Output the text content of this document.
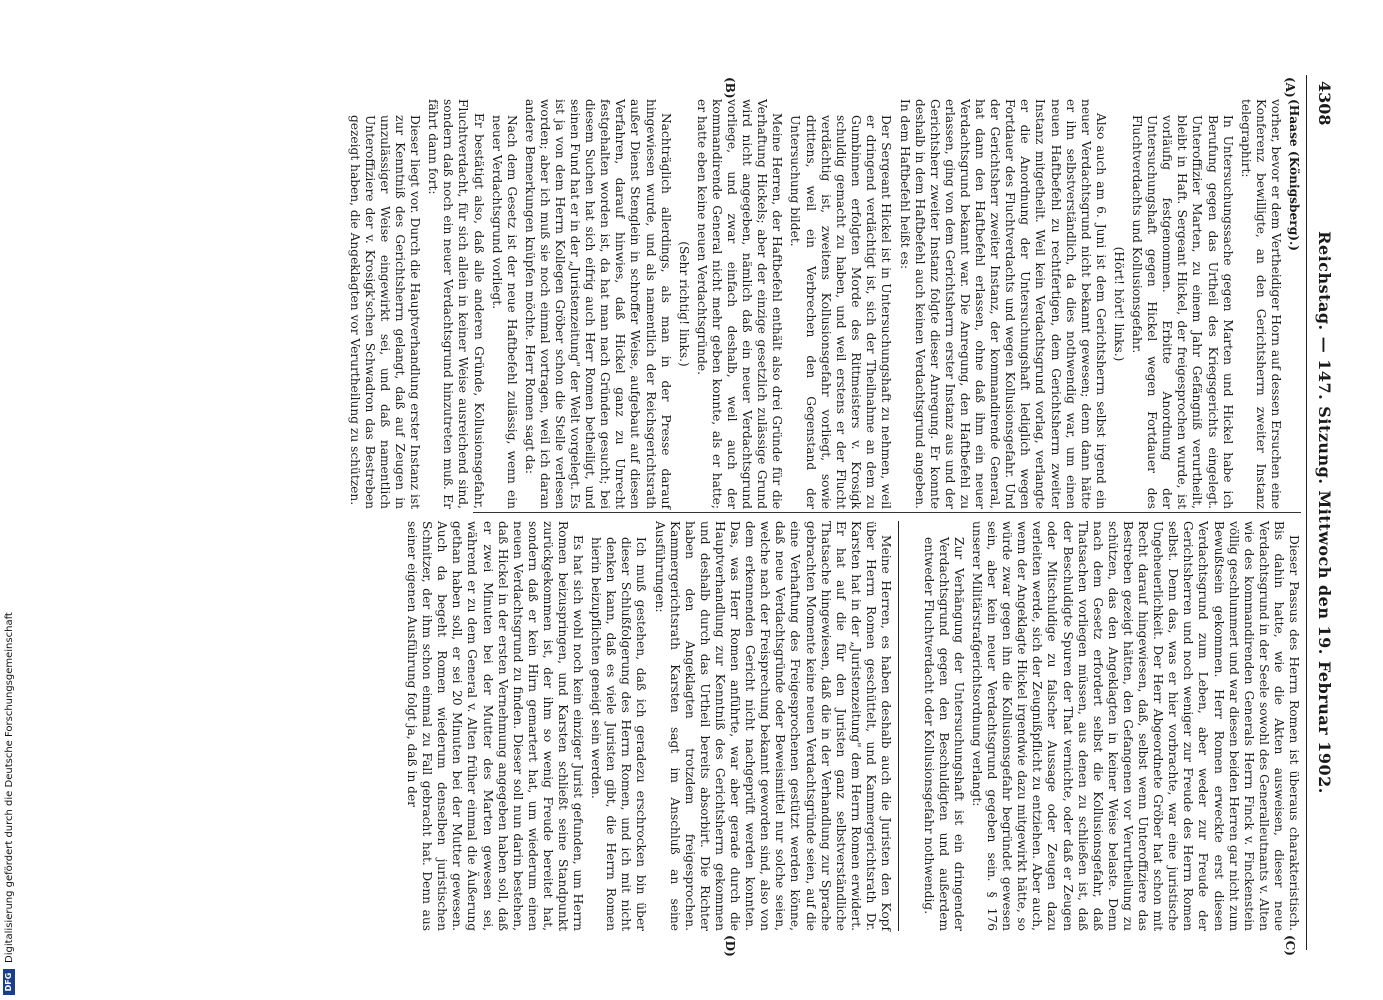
4308
Reichstag. — 147. Sitzung. Mittwoch den 19. Februar 1902.
(A)
(B)
(C)
(D)

(Haase (Königsberg).)

vorher, bevor er dem Vertheidiger Horn auf dessen Ersuchen eine Konferenz bewilligte, an den Gerichtsherrn zweiter Instanz telegraphirt:

In Untersuchungssache gegen Marten und Hickel habe ich Berufung gegen das Urtheil des Kriegsgerichts eingelegt. Unteroffizier Marten, zu einem Jahr Gefängniß verurtheilt, bleibt in Haft. Sergeant Hickel, der freigesprochen wurde, ist vorläufig festgenommen. Erbitte Anordnung der Untersuchungshaft gegen Hickel wegen Fortdauer des Fluchtverdachts und Kollusionsgefahr.

(Hört! hört! links.)

Also auch am 6. Juni ist dem Gerichtsherrn selbst irgend ein neuer Verdachtsgrund nicht bekannt gewesen; denn dann hätte er ihn selbstverständlich, da dies nothwendig war, um einen neuen Haftbefehl zu rechtfertigen, dem Gerichtsherrn zweiter Instanz mitgetheilt. Weil kein Verdachtsgrund vorlag, verlangte er die Anordnung der Untersuchungshaft lediglich wegen Fortdauer des Fluchtverdachts und wegen Kollusionsgefahr. Und der Gerichtsherr zweiter Instanz, der kommandirende General, hat dann den Haftbefehl erlassen, ohne daß ihm ein neuer Verdachtsgrund bekannt war. Die Anregung, den Haftbefehl zu erlassen, ging von dem Gerichtsherrn erster Instanz aus und der Gerichtsherr zweiter Instanz folgte dieser Anregung. Er konnte deshalb in dem Haftbefehl auch keinen Verdachtsgrund angeben. In dem Haftbefehl heißt es:

Der Sergeant Hickel ist in Untersuchungshaft zu nehmen, weil er dringend verdächtigt ist, sich der Theilnahme an dem zu Gumbinnen erfolgten Morde des Rittmeisters v. Krosigk schuldig gemacht zu haben, und weil erstens er der Flucht verdächtig ist, zweitens Kollusionsgefahr vorliegt, sowie drittens, weil ein Verbrechen den Gegenstand der Untersuchung bildet.

Meine Herren, der Haftbefehl enthält also drei Gründe für die Verhaftung Hickels; aber der einzige gesetzlich zulässige Grund wird nicht angegeben, nämlich daß ein neuer Verdachtsgrund vorliege, und zwar einfach deshalb, weil auch der kommandirende General nicht mehr geben konnte, als er hatte; er hatte eben keine neuen Verdachtsgründe.

(Sehr richtig! links.)

Nachträglich allerdings, als man in der Presse darauf hingewiesen wurde, und als namentlich der Reichsgerichtsrath außer Dienst Stenglein in schroffer Weise, aufgebaut auf diesen Verfahren, darauf hinwies, daß Hickel ganz zu Unrecht festgehalten worden ist, da hat man nach Gründen gesucht; bei diesem Suchen hat sich eifrig auch Herr Romen betheiligt, und seinen Fund hat er in der „Juristenzeitung" der Welt vorgelegt. Es ist ja von dem Herrn Kollegen Gröber schon die Stelle verlesen worden; aber ich muß sie noch einmal vortragen, weil ich daran andere Bemerkungen knüpfen möchte. Herr Romen sagt da:

Nach dem Gesetz ist der neue Haftbefehl zulässig, wenn ein neuer Verdachtsgrund vorliegt.

Er bestätigt also, daß alle anderen Gründe, Kollusionsgefahr, Fluchtverdacht, für sich allein in keiner Weise ausreichend sind, sondern daß noch ein neuer Verdachtsgrund hinzutreten muß. Er fährt dann fort:

Dieser liegt vor. Durch die Hauptverhandlung erster Instanz ist zur Kenntniß des Gerichtsherrn gelangt, daß auf Zeugen in unzulässiger Weise eingewirkt sei, und daß namentlich Unteroffiziere der v. Krosigk'schen Schwadron das Bestreben gezeigt haben, die Angeklagten vor Verurtheilung zu schützen.

Dieser Passus des Herrn Romen ist überaus charakteristisch. Bis dahin hatte, wie die Akten ausweisen, dieser neue Verdachtsgrund in der Seele sowohl des Generalleutnants v. Alten wie des kommandirenden Generals Herrn Finck v. Finckenstein völlig geschlummert und war diesen beiden Herren gar nicht zum Bewußtsein gekommen. Herr Romen erweckte erst diesen Verdachtsgrund zum Leben, aber weder zur Freude der Gerichtsherren und noch weniger zur Freude des Herrn Romen selbst. Denn das, was er hier vorbrachte, war eine juristische Ungeheuerlichkeit. Der Herr Abgeordnete Gröber hat schon mit Recht darauf hingewiesen, daß, selbst wenn Unteroffiziere das Bestreben gezeigt hätten, den Gefangenen vor Verurtheilung zu schützen, das den Angeklagten in keiner Weise belaste. Denn nach dem Gesetz erfordert selbst die Kollusionsgefahr, daß Thatsachen vorliegen müssen, aus denen zu schließen ist, daß der Beschuldigte Spuren der That vernichte, oder daß er Zeugen oder Mitschuldige zu falscher Aussage oder Zeugen dazu verleiten werde, sich der Zeugnißpflicht zu entziehen. Aber auch, wenn der Angeklagte Hickel irgendwie dazu mitgewirkt hätte, so würde zwar gegen ihn die Kollusionsgefahr begründet gewesen sein, aber kein neuer Verdachtsgrund gegeben sein. § 176 unserer Militärstrafgerichtsordnung verlangt:

Zur Verhängung der Untersuchungshaft ist ein dringender Verdachtsgrund gegen den Beschuldigten und außerdem entweder Fluchtverdacht oder Kollusionsgefahr nothwendig.

Meine Herren, es haben deshalb auch die Juristen den Kopf über Herrn Romen geschüttelt, und Kammergerichtsrath Dr. Karsten hat in der „Juristenzeitung" dem Herrn Romen erwidert. Er hat auf die für den Juristen ganz selbstverständliche Thatsache hingewiesen, daß die in der Verhandlung zur Sprache gebrachten Momente keine neuen Verdachtsgründe seien, auf die eine Verhaftung des Freigesprochenen gestützt werden könne, daß neue Verdachtsgründe oder Beweismittel nur solche seien, welche nach der Freisprechung bekannt geworden sind, also von dem erkennenden Gericht nicht nachgeprüft werden konnten. Das, was Herr Romen anführte, war aber gerade durch die Hauptverhandlung zur Kenntniß des Gerichtsherrn gekommen und deshalb durch das Urtheil bereits absorbirt. Die Richter haben den Angeklagten trotzdem freigesprochen. Kammergerichtsrath Karsten sagt im Anschluß an seine Ausführungen:

Ich muß gestehen, daß ich geradezu erschrocken bin über dieser Schlußfolgerung des Herrn Romen, und ich mit nicht denken kann, daß es viele Juristen gibt, die Herrn Romen hierin beizupflichten geneigt sein werden.

Es hat sich wohl noch kein einziger Jurist gefunden, um Herrn Romen beizuspringen, und Karsten schließt seine Standpunkt zurückgekommen ist, der ihm so wenig Freude bereitet hat, sondern daß er kein Hirn gemartert hat, um wiederum einen neuen Verdachtsgrund zu finden. Dieser soll nun darin bestehen, daß Hickel in der ersten Vernehmung angegeben haben soll, daß er zwei Minuten bei der Mutter des Marten gewesen sei, während er zu dem General v. Alten früher einmal die Äußerung gethan haben soll, er sei 20 Minuten bei der Mutter gewesen. Auch da begeht Romen wiederum denselben juristischen Schnitzer, der ihm schon einmal zu Fall gebracht hat. Denn aus seiner eigenen Ausführung folgt ja, daß in der

DFGDigitalisierung gefördert durch die Deutsche Forschungsgemeinschaft
